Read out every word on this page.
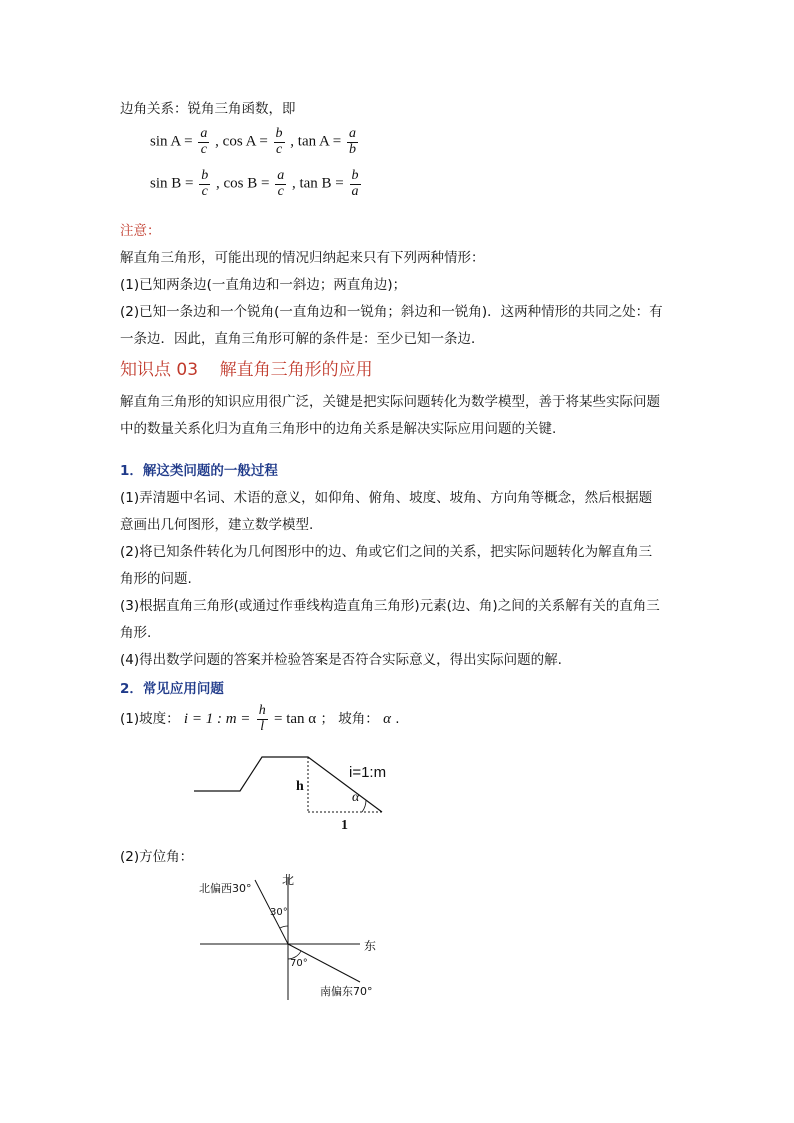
边角关系：锐角三角函数，即
$\sin A = \frac{a}{c}$ , $\cos A = \frac{b}{c}$ , $\tan A = \frac{a}{b}$
$\sin B = \frac{b}{c}$ , $\cos B = \frac{a}{c}$ , $\tan B = \frac{b}{a}$
注意：
解直角三角形，可能出现的情况归纳起来只有下列两种情形：
(1)已知两条边(一直角边和一斜边；两直角边)；
(2)已知一条边和一个锐角(一直角边和一锐角；斜边和一锐角)．这两种情形的共同之处：有
一条边．因此，直角三角形可解的条件是：至少已知一条边．
知识点 03    解直角三角形的应用
解直角三角形的知识应用很广泛，关键是把实际问题转化为数学模型，善于将某些实际问题
中的数量关系化归为直角三角形中的边角关系是解决实际应用问题的关键.
1．解这类问题的一般过程
(1)弄清题中名词、术语的意义，如仰角、俯角、坡度、坡角、方向角等概念，然后根据题
意画出几何图形，建立数学模型.
(2)将已知条件转化为几何图形中的边、角或它们之间的关系，把实际问题转化为解直角三
角形的问题.
(3)根据直角三角形(或通过作垂线构造直角三角形)元素(边、角)之间的关系解有关的直角三
角形.
(4)得出数学问题的答案并检验答案是否符合实际意义，得出实际问题的解.
2．常见应用问题
(1)坡度： i = 1 : $m = \frac{h}{l} = \tan \alpha$ ； 坡角： α .
i=1:m
h
α
1
(2)方位角：
北
东
北偏西30°
30°
70°
南偏东70°
